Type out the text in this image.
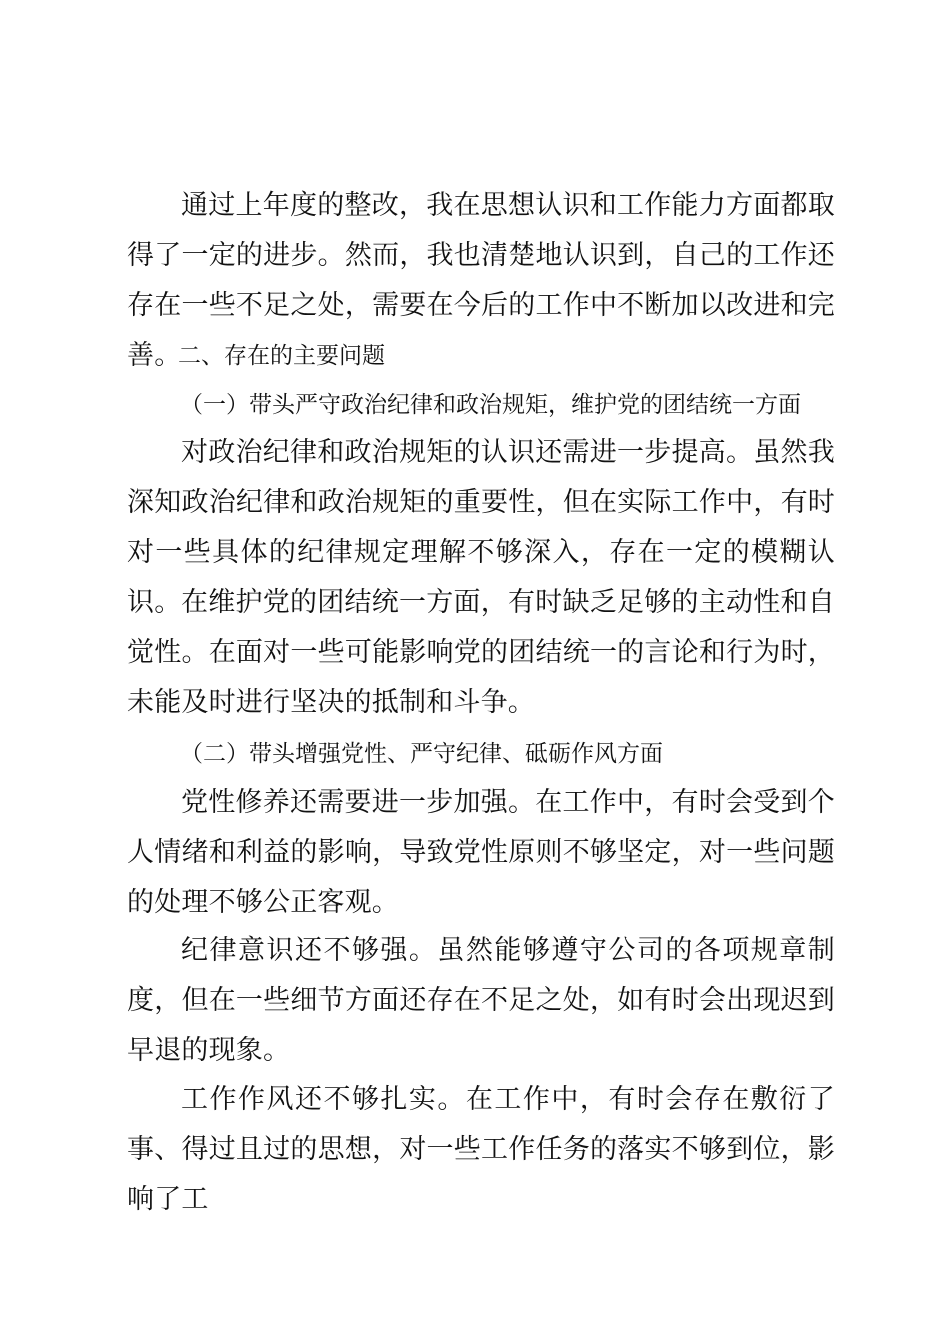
通过上年度的整改，我在思想认识和工作能力方面都取得了一定的进步。然而，我也清楚地认识到，自己的工作还存在一些不足之处，需要在今后的工作中不断加以改进和完善。

二、存在的主要问题

（一）带头严守政治纪律和政治规矩，维护党的团结统一方面

对政治纪律和政治规矩的认识还需进一步提高。虽然我深知政治纪律和政治规矩的重要性，但在实际工作中，有时对一些具体的纪律规定理解不够深入，存在一定的模糊认识。 在维护党的团结统一方面，有时缺乏足够的主动性和自觉性。在面对一些可能影响党的团结统一的言论和行为时，未能及时进行坚决的抵制和斗争。

（二）带头增强党性、严守纪律、砥砺作风方面

党性修养还需要进一步加强。在工作中，有时会受到个人情绪和利益的影响，导致党性原则不够坚定，对一些问题的处理不够公正客观。

纪律意识还不够强。虽然能够遵守公司的各项规章制度，但在一些细节方面还存在不足之处，如有时会出现迟到早退的现象。

工作作风还不够扎实。在工作中，有时会存在敷衍了事、得过且过的思想，对一些工作任务的落实不够到位，影响了工
